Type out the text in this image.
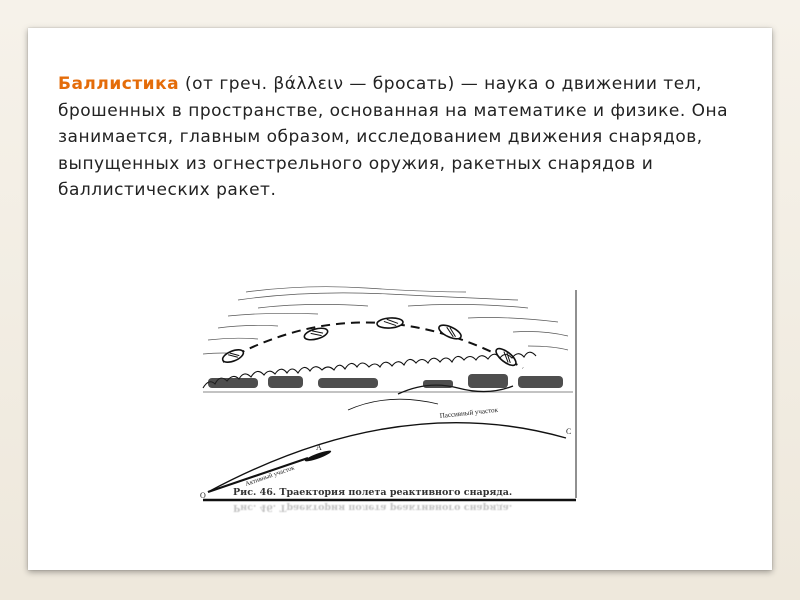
Баллистика (от греч. βάλλειν — бросать) — наука о движении тел, брошенных в пространстве, основанная на математике и физике. Она занимается, главным образом, исследованием движения снарядов, выпущенных из огнестрельного оружия, ракетных снарядов и баллистических ракет.

O
A
C
Активный участок
Пассивный участок
Рис. 46. Траектория полета реактивного снаряда.
Рис. 46. Траектория полета реактивного снаряда.
